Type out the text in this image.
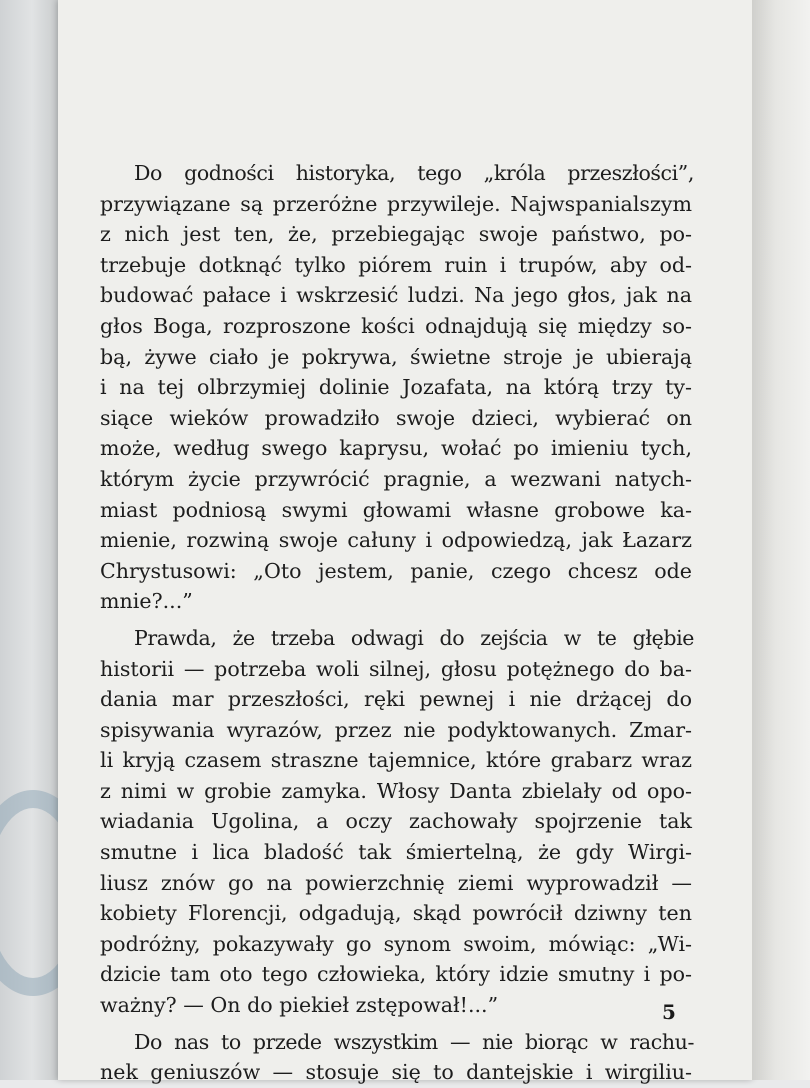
Do godności historyka, tego „króla przeszłości”,
przywiązane są przeróżne przywileje. Najwspanialszym
z nich jest ten, że, przebiegając swoje państwo, po-
trzebuje dotknąć tylko piórem ruin i trupów, aby od-
budować pałace i wskrzesić ludzi. Na jego głos, jak na
głos Boga, rozproszone kości odnajdują się między so-
bą, żywe ciało je pokrywa, świetne stroje je ubierają
i na tej olbrzymiej dolinie Jozafata, na którą trzy ty-
siące wieków prowadziło swoje dzieci, wybierać on
może, według swego kaprysu, wołać po imieniu tych,
którym życie przywrócić pragnie, a wezwani natych-
miast podniosą swymi głowami własne grobowe ka-
mienie, rozwiną swoje całuny i odpowiedzą, jak Łazarz
Chrystusowi: „Oto jestem, panie, czego chcesz ode
mnie?...”

Prawda, że trzeba odwagi do zejścia w te głębie
historii — potrzeba woli silnej, głosu potężnego do ba-
dania mar przeszłości, ręki pewnej i nie drżącej do
spisywania wyrazów, przez nie podyktowanych. Zmar-
li kryją czasem straszne tajemnice, które grabarz wraz
z nimi w grobie zamyka. Włosy Danta zbielały od opo-
wiadania Ugolina, a oczy zachowały spojrzenie tak
smutne i lica bladość tak śmiertelną, że gdy Wirgi-
liusz znów go na powierzchnię ziemi wyprowadził —
kobiety Florencji, odgadują, skąd powrócił dziwny ten
podróżny, pokazywały go synom swoim, mówiąc: „Wi-
dzicie tam oto tego człowieka, który idzie smutny i po-
ważny? — On do piekieł zstępował!...”

Do nas to przede wszystkim — nie biorąc w rachu-
nek geniuszów — stosuje się to dantejskie i wirgiliu-

5
